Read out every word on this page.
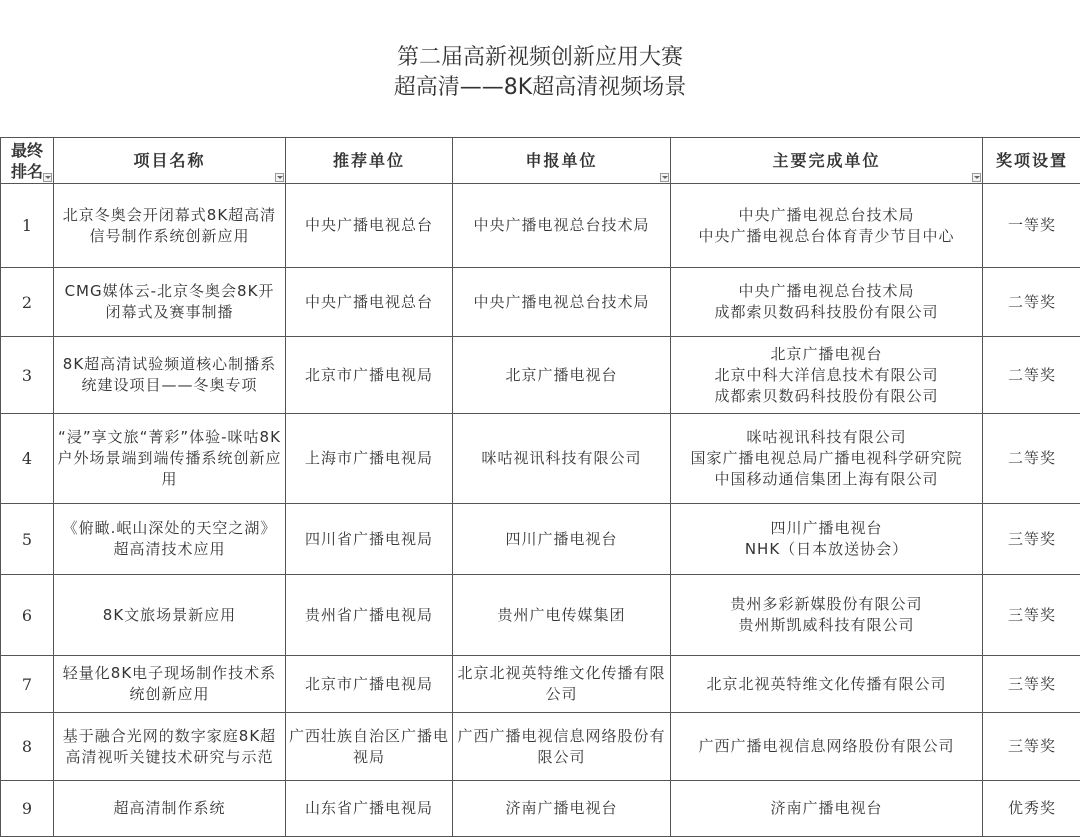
第二届高新视频创新应用大赛
超高清——8K超高清视频场景
最终排名	项目名称	推荐单位	申报单位	主要完成单位	奖项设置
1	北京冬奥会开闭幕式8K超高清信号制作系统创新应用	中央广播电视总台	中央广播电视总台技术局	中央广播电视总台技术局
中央广播电视总台体育青少节目中心	一等奖
2	CMG媒体云-北京冬奥会8K开闭幕式及赛事制播	中央广播电视总台	中央广播电视总台技术局	中央广播电视总台技术局
成都索贝数码科技股份有限公司	二等奖
3	8K超高清试验频道核心制播系统建设项目——冬奥专项	北京市广播电视局	北京广播电视台	北京广播电视台
北京中科大洋信息技术有限公司
成都索贝数码科技股份有限公司	二等奖
4	“浸”享文旅“菁彩”体验-咪咕8K户外场景端到端传播系统创新应用	上海市广播电视局	咪咕视讯科技有限公司	咪咕视讯科技有限公司
国家广播电视总局广播电视科学研究院
中国移动通信集团上海有限公司	二等奖
5	《俯瞰.岷山深处的天空之湖》超高清技术应用	四川省广播电视局	四川广播电视台	四川广播电视台
NHK（日本放送协会）	三等奖
6	8K文旅场景新应用	贵州省广播电视局	贵州广电传媒集团	贵州多彩新媒股份有限公司
贵州斯凯威科技有限公司	三等奖
7	轻量化8K电子现场制作技术系统创新应用	北京市广播电视局	北京北视英特维文化传播有限公司	北京北视英特维文化传播有限公司	三等奖
8	基于融合光网的数字家庭8K超高清视听关键技术研究与示范	广西壮族自治区广播电视局	广西广播电视信息网络股份有限公司	广西广播电视信息网络股份有限公司	三等奖
9	超高清制作系统	山东省广播电视局	济南广播电视台	济南广播电视台	优秀奖
